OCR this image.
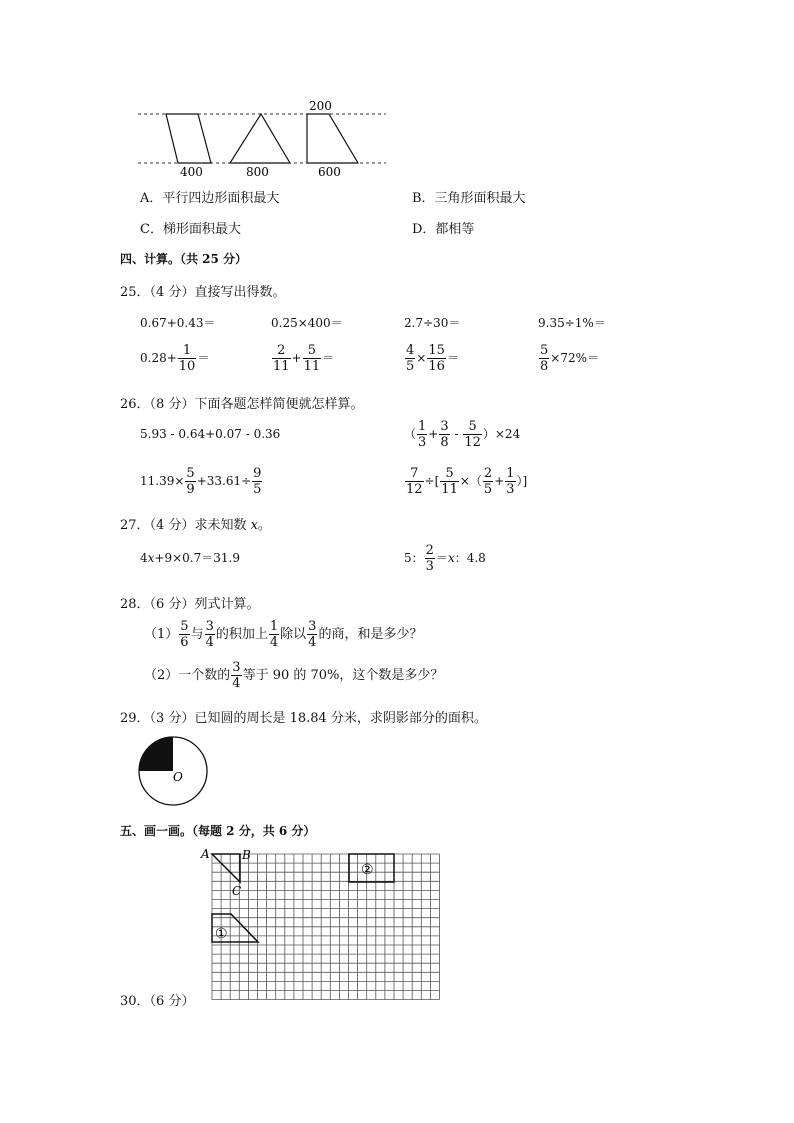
200
400	800	600
A．平行四边形面积最大	B．三角形面积最大
C．梯形面积最大	D．都相等
四、计算。（共 25 分）
25．（4 分）直接写出得数。
0.67+0.43＝	0.25×400＝	2.7÷30＝	9.35÷1%＝
$0.28+ \frac{1}{10}$ ＝	$\frac{2}{11} + \frac{5}{11}$ ＝	$\frac{4}{5} \times \frac{15}{16}$ ＝	$\frac{5}{8} \times 72\%=$
26．（8 分）下面各题怎样简便就怎样算。
5.93 - 0.64+0.07 - 0.36	（ $\frac{1}{3} + \frac{3}{8} - \frac{5}{12} )\times 24$
$11.39\times \frac{5}{9} +33.61\div \frac{9}{5}$	$\frac{7}{12}$ ÷[ $\frac{5}{11}$ ×（ $\frac{2}{5} + \frac{1}{3}$ ）]
27．（4 分）求未知数 x。
4x+9×0.7＝31.9	5： $\frac{2}{3} =x$：4.8
28．（6 分）列式计算。
$(1) \frac{5}{6}$ 与 $\frac{3}{4}$ 的积加上 $\frac{1}{4}$ 除以 $\frac{3}{4}$ 的商，和是多少？
（2）一个数的 $\frac{3}{4}$ 等于 90 的 70%，这个数是多少？
29．（3 分）已知圆的周长是 18.84 分米，求阴影部分的面积。
O
五、画一画。（每题 2 分，共 6 分）
A	B
C
①
②
30．（6 分）
